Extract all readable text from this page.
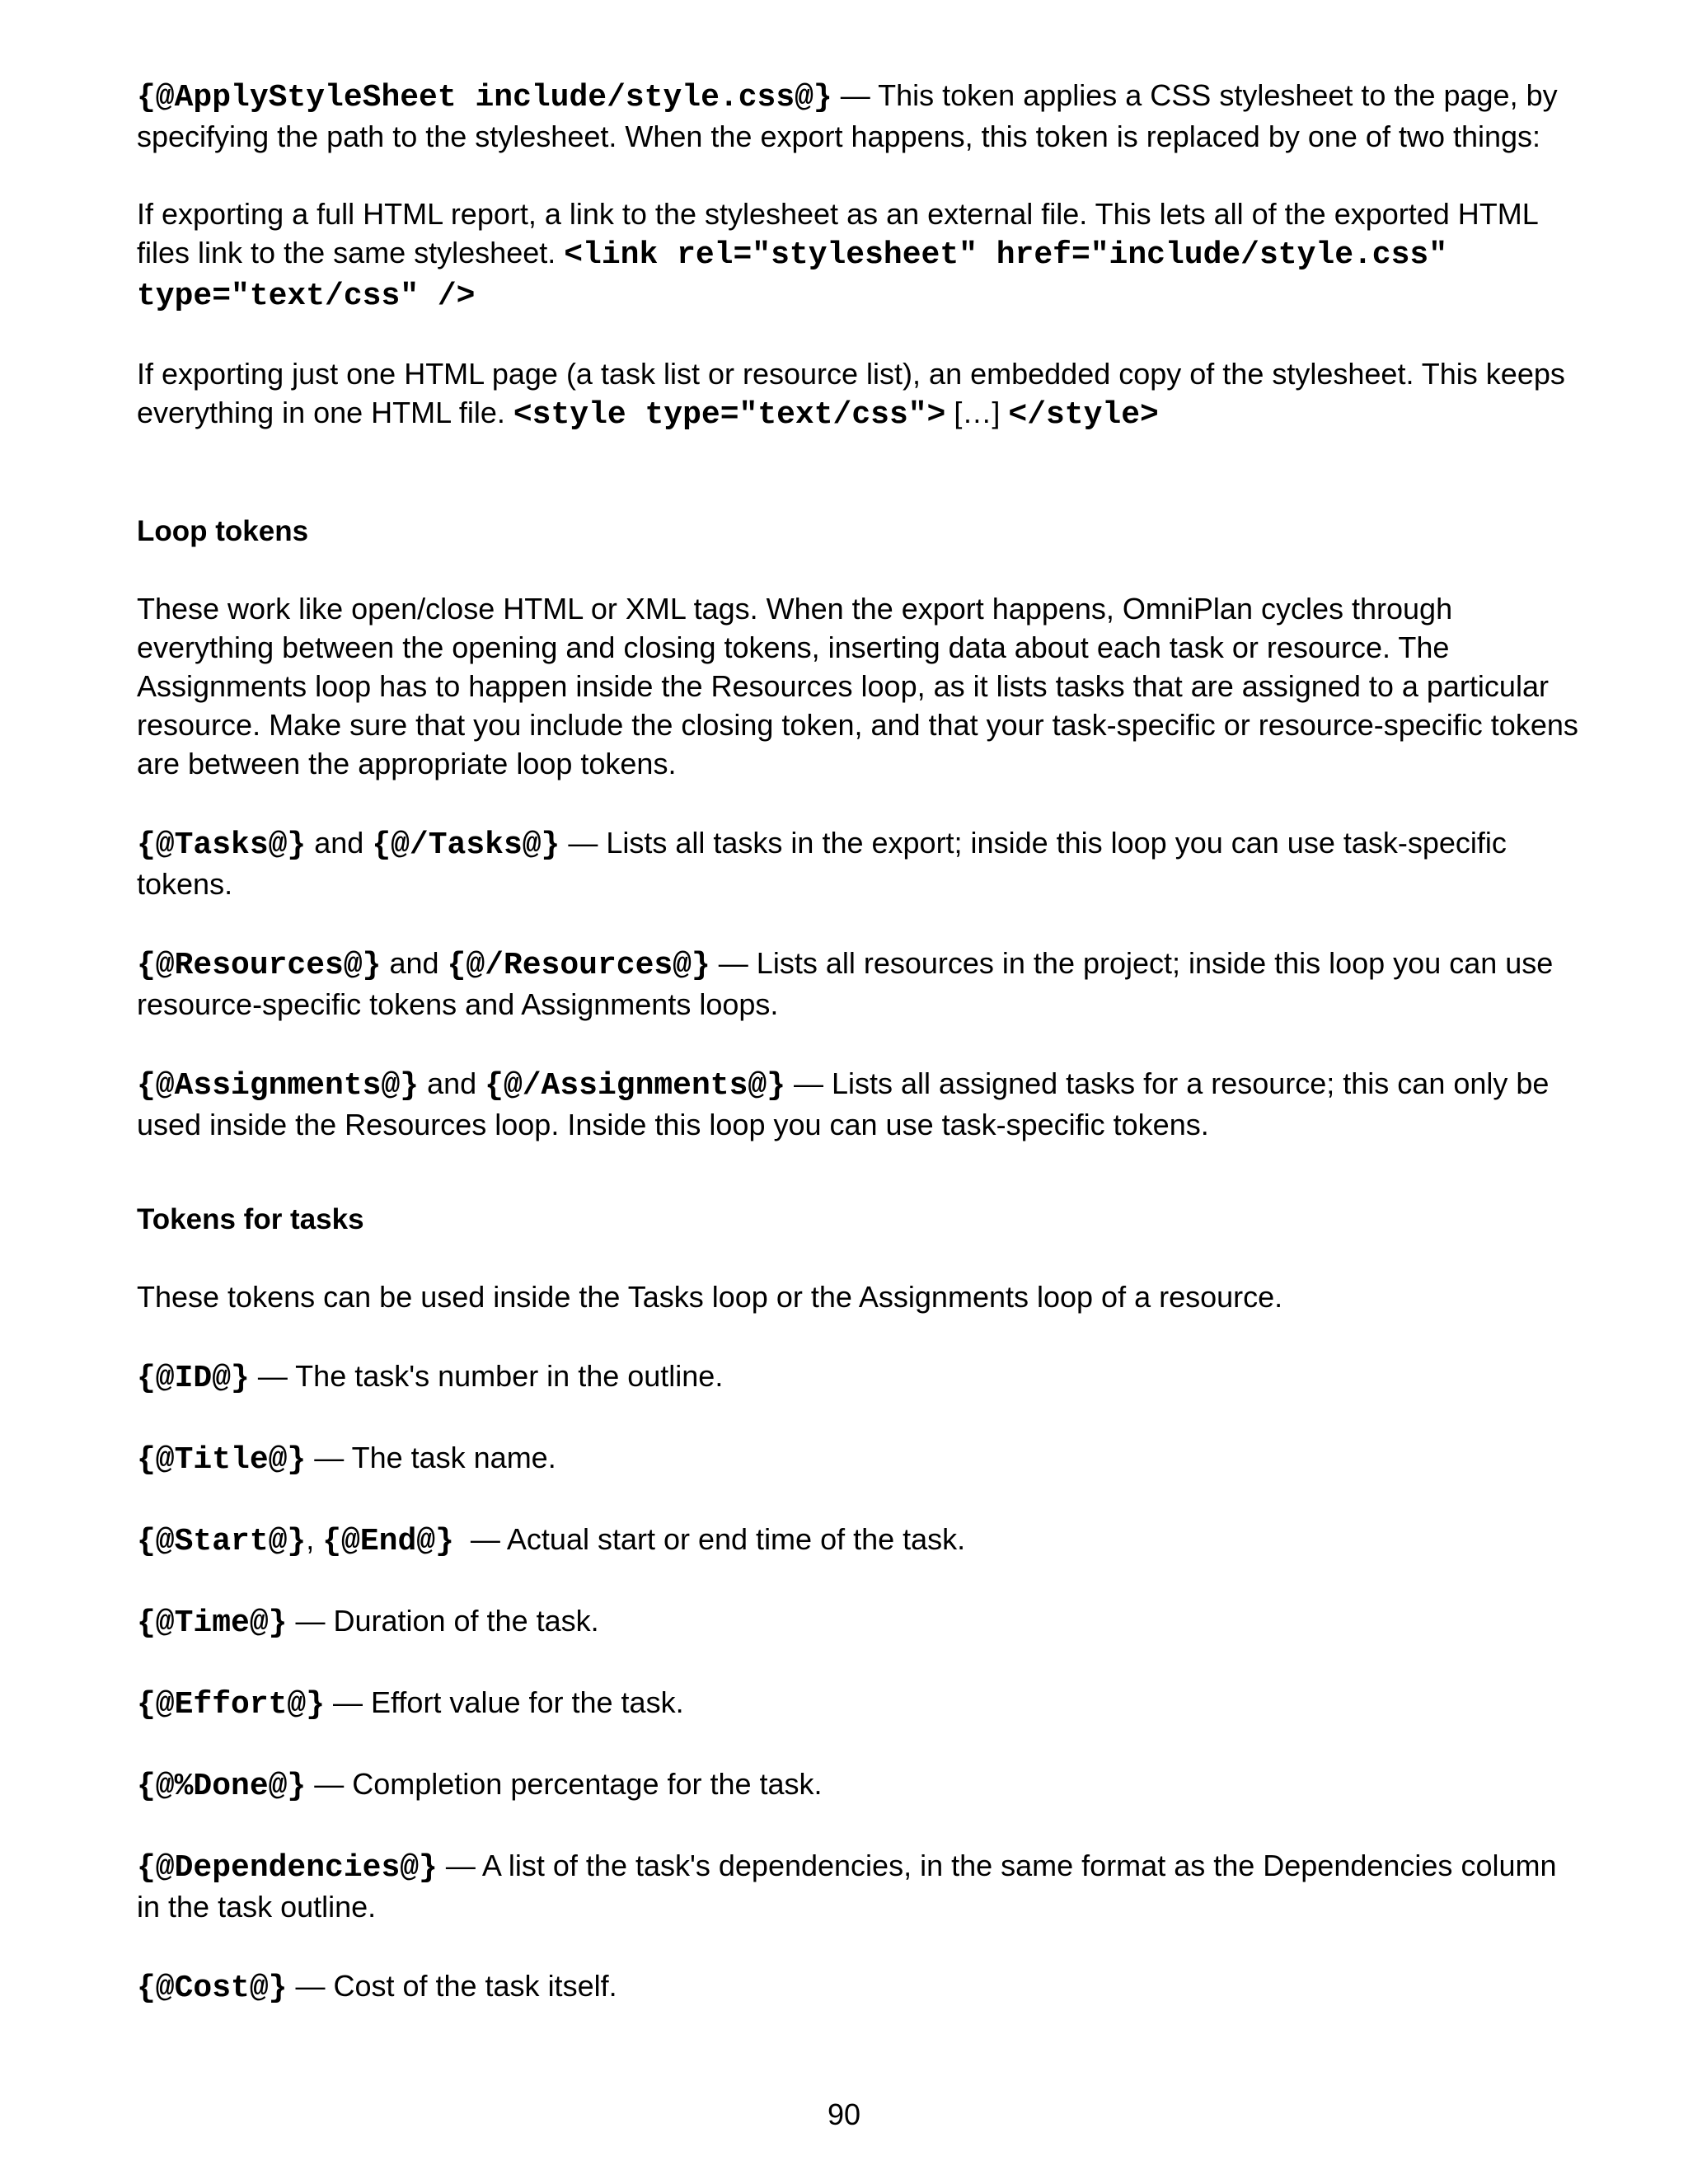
{@ApplyStyleSheet include/style.css@} — This token applies a CSS stylesheet to the page, by specifying the path to the stylesheet. When the export happens, this token is replaced by one of two things:

If exporting a full HTML report, a link to the stylesheet as an external file. This lets all of the exported HTML files link to the same stylesheet. <link rel="stylesheet" href="include/style.css" type="text/css" />

If exporting just one HTML page (a task list or resource list), an embedded copy of the stylesheet. This keeps everything in one HTML file. <style type="text/css"> […] </style>

Loop tokens

These work like open/close HTML or XML tags. When the export happens, OmniPlan cycles through everything between the opening and closing tokens, inserting data about each task or resource. The Assignments loop has to happen inside the Resources loop, as it lists tasks that are assigned to a particular resource. Make sure that you include the closing token, and that your task-specific or resource-specific tokens are between the appropriate loop tokens.

{@Tasks@} and {@/Tasks@} — Lists all tasks in the export; inside this loop you can use task-specific tokens.

{@Resources@} and {@/Resources@} — Lists all resources in the project; inside this loop you can use resource-specific tokens and Assignments loops.

{@Assignments@} and {@/Assignments@} — Lists all assigned tasks for a resource; this can only be used inside the Resources loop. Inside this loop you can use task-specific tokens.

Tokens for tasks

These tokens can be used inside the Tasks loop or the Assignments loop of a resource.

{@ID@} — The task's number in the outline.

{@Title@} — The task name.

{@Start@}, {@End@}  — Actual start or end time of the task.

{@Time@} — Duration of the task.

{@Effort@} — Effort value for the task.

{@%Done@} — Completion percentage for the task.

{@Dependencies@} — A list of the task's dependencies, in the same format as the Dependencies column in the task outline.

{@Cost@} — Cost of the task itself.

90
